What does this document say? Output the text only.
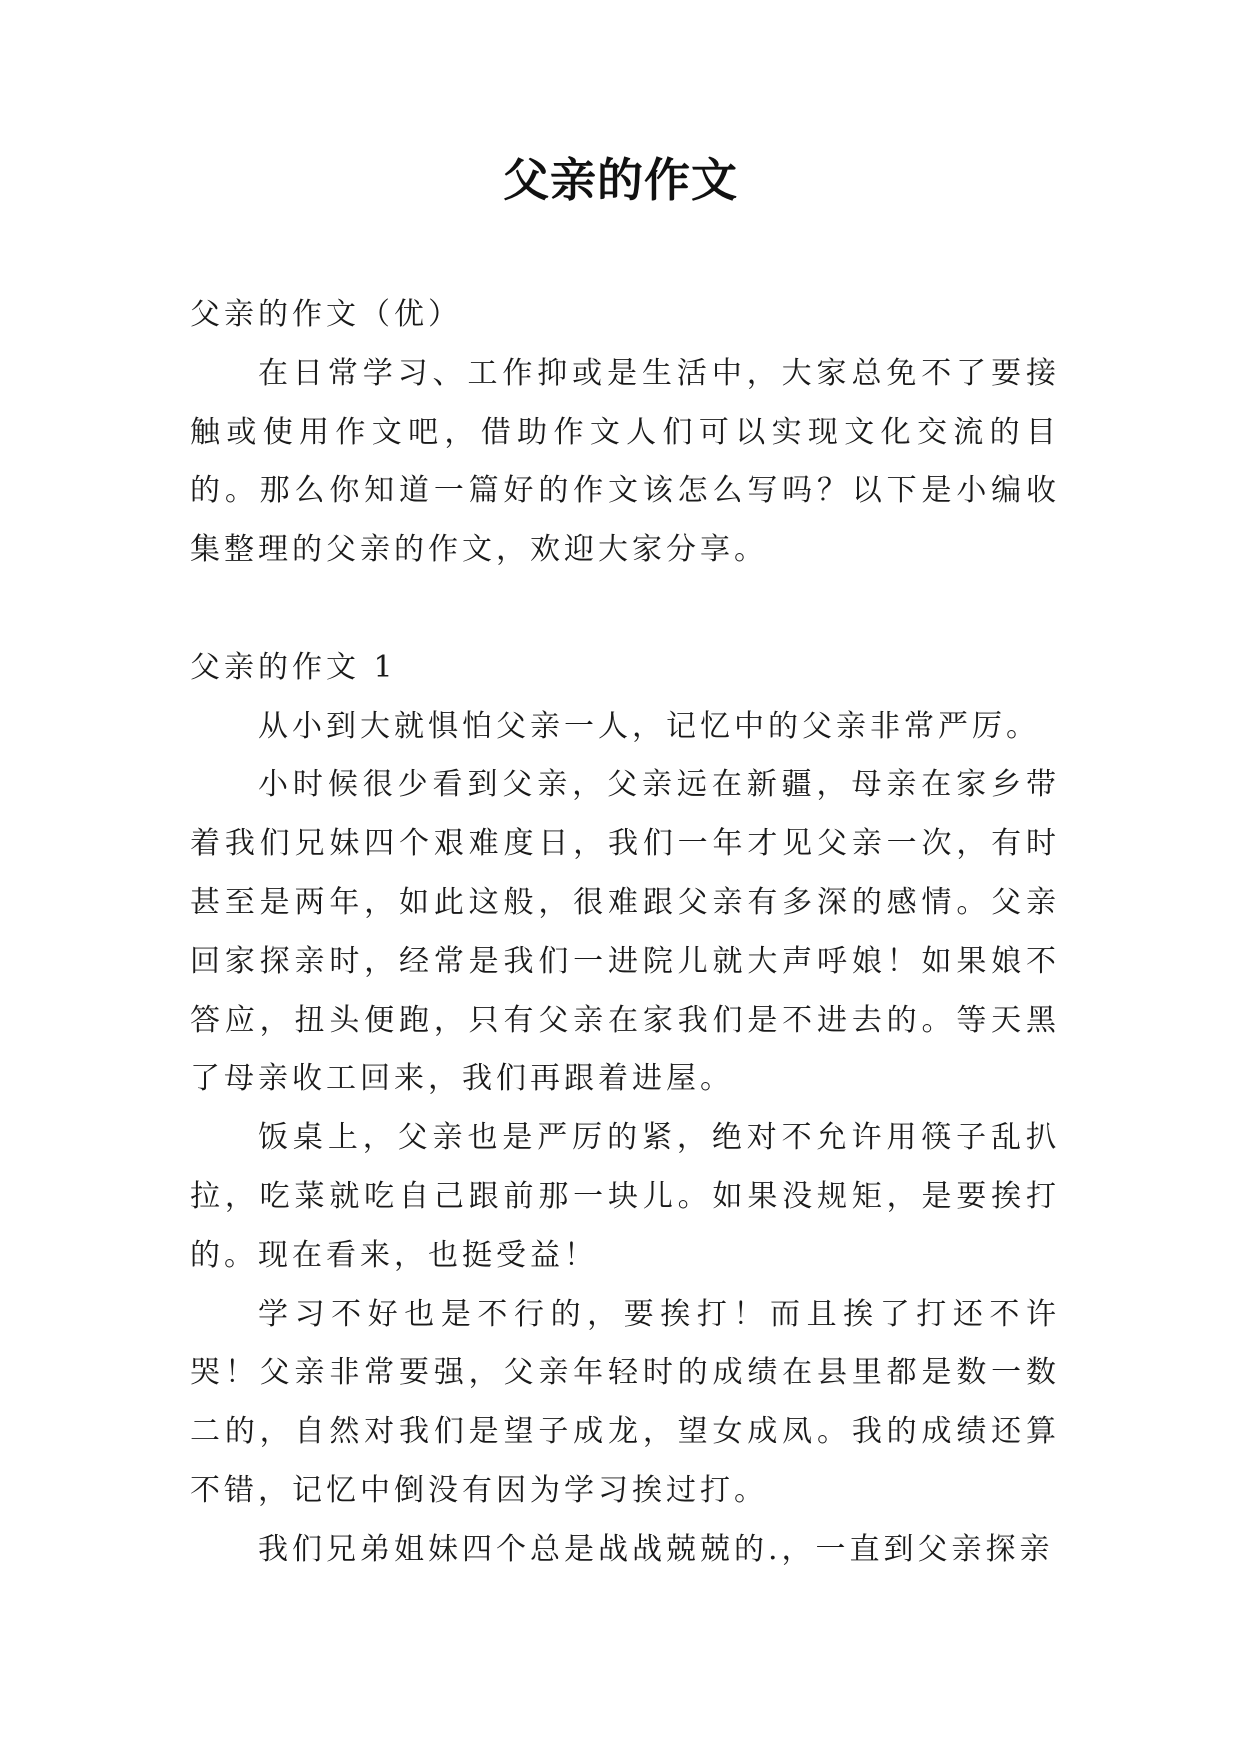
父亲的作文

父亲的作文（优）

在日常学习、工作抑或是生活中，大家总免不了要接触或使用作文吧，借助作文人们可以实现文化交流的目的。那么你知道一篇好的作文该怎么写吗？以下是小编收集整理的父亲的作文，欢迎大家分享。

父亲的作文 1

从小到大就惧怕父亲一人，记忆中的父亲非常严厉。

小时候很少看到父亲，父亲远在新疆，母亲在家乡带着我们兄妹四个艰难度日，我们一年才见父亲一次，有时甚至是两年，如此这般，很难跟父亲有多深的感情。父亲回家探亲时，经常是我们一进院儿就大声呼娘！如果娘不答应，扭头便跑，只有父亲在家我们是不进去的。等天黑了母亲收工回来，我们再跟着进屋。

饭桌上，父亲也是严厉的紧，绝对不允许用筷子乱扒拉，吃菜就吃自己跟前那一块儿。如果没规矩，是要挨打的。现在看来，也挺受益！

学习不好也是不行的，要挨打！而且挨了打还不许哭！父亲非常要强，父亲年轻时的成绩在县里都是数一数二的，自然对我们是望子成龙，望女成凤。我的成绩还算不错，记忆中倒没有因为学习挨过打。

我们兄弟姐妹四个总是战战兢兢的.，一直到父亲探亲
